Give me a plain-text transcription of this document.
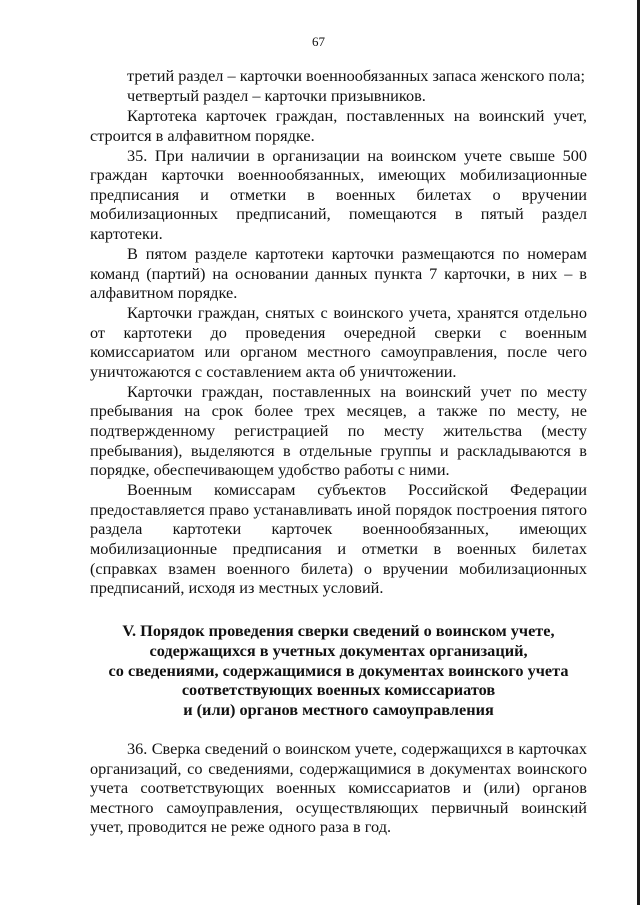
67

третий раздел – карточки военнообязанных запаса женского пола;

четвертый раздел – карточки призывников.

Картотека карточек граждан, поставленных на воинский учет, строится в алфавитном порядке.

35. При наличии в организации на воинском учете свыше 500 граждан карточки военнообязанных, имеющих мобилизационные предписания и отметки в военных билетах о вручении мобилизационных предписаний, помещаются в пятый раздел картотеки.

В пятом разделе картотеки карточки размещаются по номерам команд (партий) на основании данных пункта 7 карточки, в них – в алфавитном порядке.

Карточки граждан, снятых с воинского учета, хранятся отдельно от картотеки до проведения очередной сверки с военным комиссариатом или органом местного самоуправления, после чего уничтожаются с составлением акта об уничтожении.

Карточки граждан, поставленных на воинский учет по месту пребывания на срок более трех месяцев, а также по месту, не подтвержденному регистрацией по месту жительства (месту пребывания), выделяются в отдельные группы и раскладываются в порядке, обеспечивающем удобство работы с ними.

Военным комиссарам субъектов Российской Федерации предоставляется право устанавливать иной порядок построения пятого раздела картотеки карточек военнообязанных, имеющих мобилизационные предписания и отметки в военных билетах (справках взамен военного билета) о вручении мобилизационных предписаний, исходя из местных условий.

V. Порядок проведения сверки сведений о воинском учете,
содержащихся в учетных документах организаций,
со сведениями, содержащимися в документах воинского учета
соответствующих военных комиссариатов
и (или) органов местного самоуправления

36. Сверка сведений о воинском учете, содержащихся в карточках организаций, со сведениями, содержащимися в документах воинского учета соответствующих военных комиссариатов и (или) органов местного самоуправления, осуществляющих первичный воинский учет, проводится не реже одного раза в год.	`
